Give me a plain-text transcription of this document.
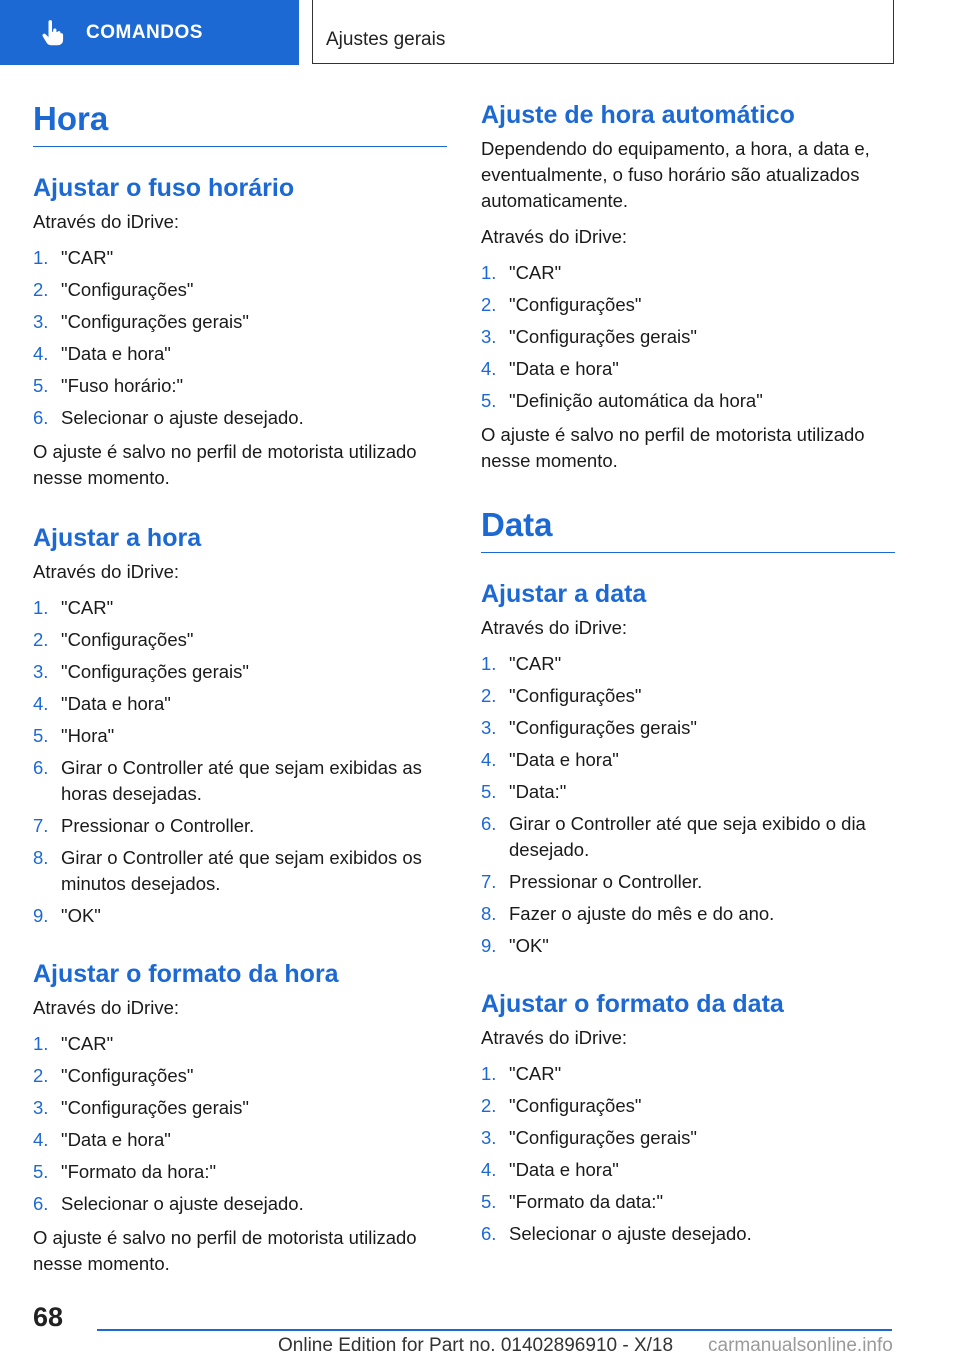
COMANDOS	Ajustes gerais
Hora
Ajustar o fuso horário

Através do iDrive:

1. "CAR"
2. "Configurações"
3. "Configurações gerais"
4. "Data e hora"
5. "Fuso horário:"
6. Selecionar o ajuste desejado.

O ajuste é salvo no perfil de motorista utilizado nesse momento.

Ajustar a hora

Através do iDrive:

1. "CAR"
2. "Configurações"
3. "Configurações gerais"
4. "Data e hora"
5. "Hora"
6. Girar o Controller até que sejam exibidas as horas desejadas.
7. Pressionar o Controller.
8. Girar o Controller até que sejam exibidos os minutos desejados.
9. "OK"
Ajustar o formato da hora

Através do iDrive:

1. "CAR"
2. "Configurações"
3. "Configurações gerais"
4. "Data e hora"
5. "Formato da hora:"
6. Selecionar o ajuste desejado.

O ajuste é salvo no perfil de motorista utilizado nesse momento.

Ajuste de hora automático

Dependendo do equipamento, a hora, a data e, eventualmente, o fuso horário são atualizados automaticamente.

Através do iDrive:

1. "CAR"
2. "Configurações"
3. "Configurações gerais"
4. "Data e hora"
5. "Definição automática da hora"

O ajuste é salvo no perfil de motorista utilizado nesse momento.

Data
Ajustar a data

Através do iDrive:

1. "CAR"
2. "Configurações"
3. "Configurações gerais"
4. "Data e hora"
5. "Data:"
6. Girar o Controller até que seja exibido o dia desejado.
7. Pressionar o Controller.
8. Fazer o ajuste do mês e do ano.
9. "OK"
Ajustar o formato da data

Através do iDrive:

1. "CAR"
2. "Configurações"
3. "Configurações gerais"
4. "Data e hora"
5. "Formato da data:"
6. Selecionar o ajuste desejado.
68
Online Edition for Part no. 01402896910 - X/18 carmanualsonline.info
